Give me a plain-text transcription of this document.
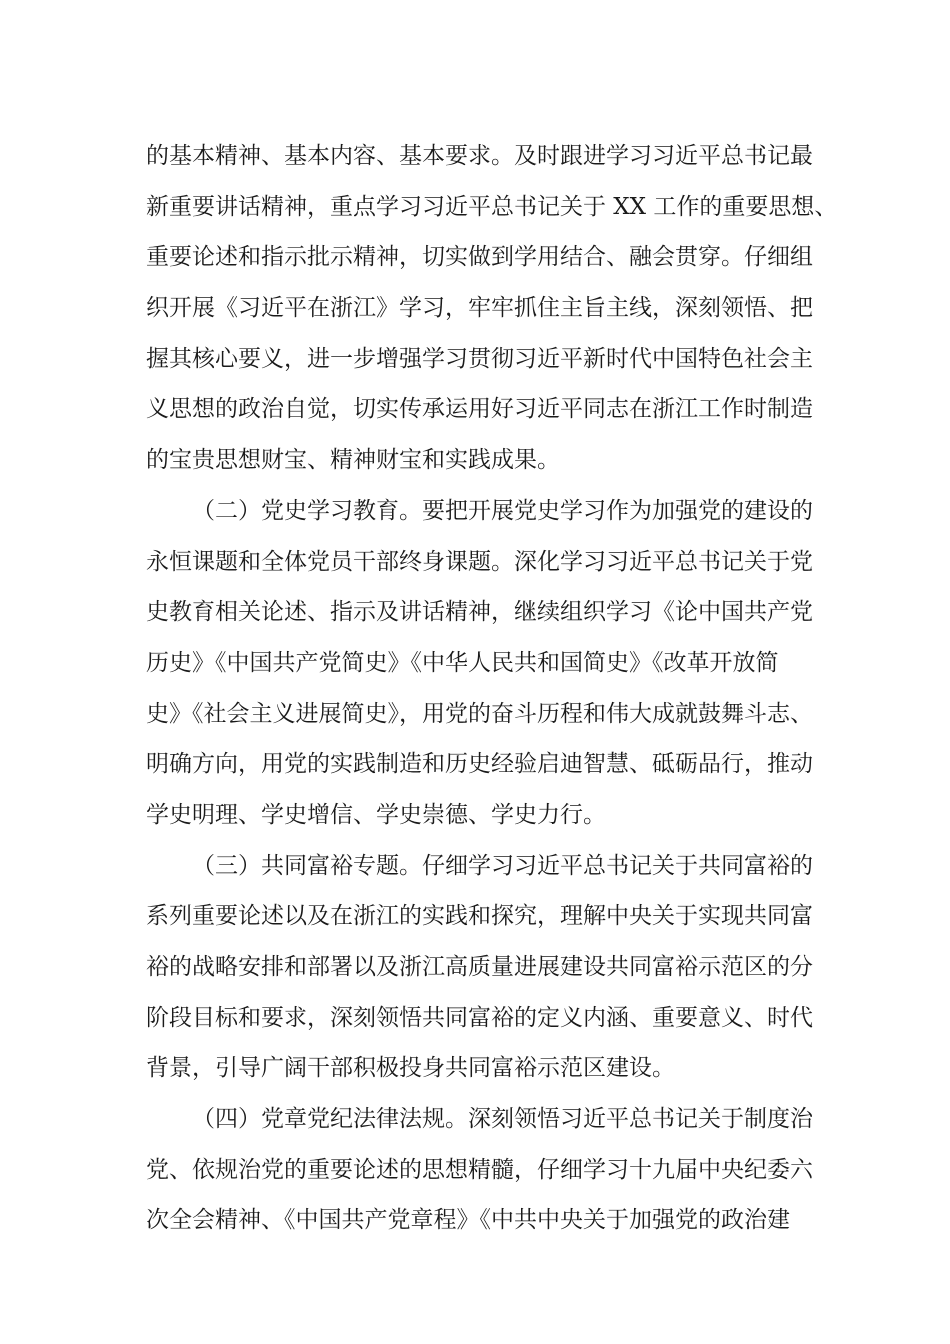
的基本精神、基本内容、基本要求。及时跟进学习习近平总书记最
新重要讲话精神，重点学习习近平总书记关于 XX 工作的重要思想、
重要论述和指示批示精神，切实做到学用结合、融会贯穿。仔细组
织开展《习近平在浙江》学习，牢牢抓住主旨主线，深刻领悟、把
握其核心要义，进一步增强学习贯彻习近平新时代中国特色社会主
义思想的政治自觉，切实传承运用好习近平同志在浙江工作时制造
的宝贵思想财宝、精神财宝和实践成果。
（二）党史学习教育。要把开展党史学习作为加强党的建设的
永恒课题和全体党员干部终身课题。深化学习习近平总书记关于党
史教育相关论述、指示及讲话精神，继续组织学习《论中国共产党
历史》《中国共产党简史》《中华人民共和国简史》《改革开放简
史》《社会主义进展简史》，用党的奋斗历程和伟大成就鼓舞斗志、
明确方向，用党的实践制造和历史经验启迪智慧、砥砺品行，推动
学史明理、学史增信、学史崇德、学史力行。
（三）共同富裕专题。仔细学习习近平总书记关于共同富裕的
系列重要论述以及在浙江的实践和探究，理解中央关于实现共同富
裕的战略安排和部署以及浙江高质量进展建设共同富裕示范区的分
阶段目标和要求，深刻领悟共同富裕的定义内涵、重要意义、时代
背景，引导广阔干部积极投身共同富裕示范区建设。
（四）党章党纪法律法规。深刻领悟习近平总书记关于制度治
党、依规治党的重要论述的思想精髓，仔细学习十九届中央纪委六
次全会精神、《中国共产党章程》《中共中央关于加强党的政治建
